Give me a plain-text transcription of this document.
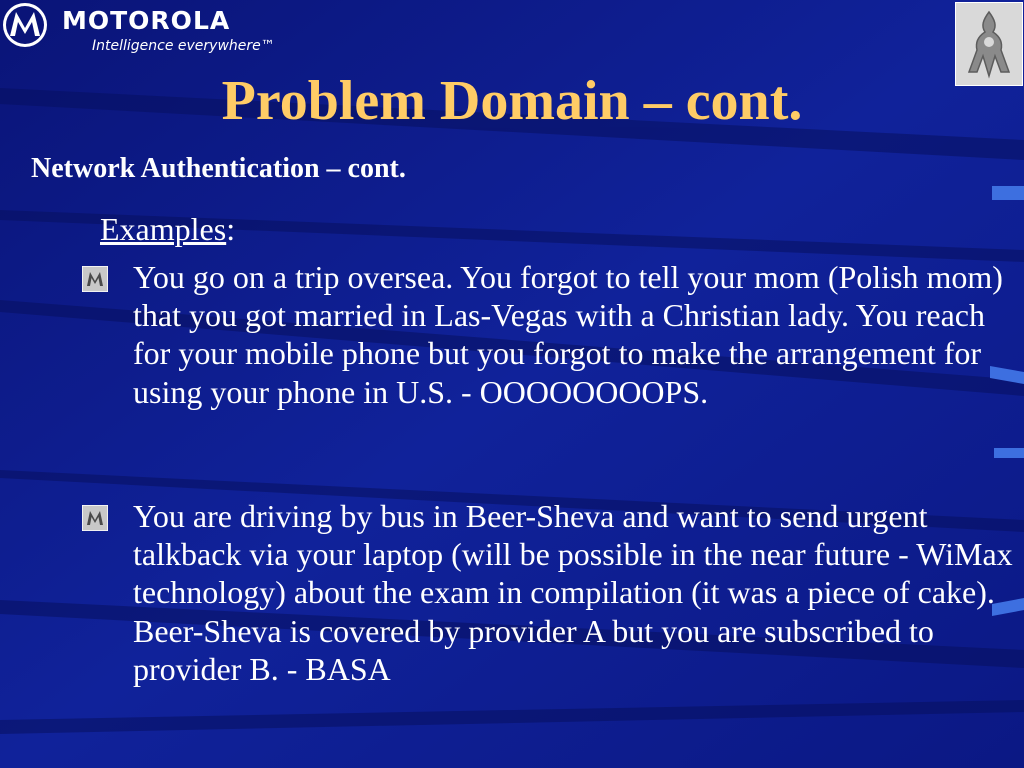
MOTOROLA
Intelligence everywhere™
Problem Domain – cont.
Network Authentication – cont.
Examples:

You go on a trip oversea. You forgot to tell your mom (Polish mom) that you got married in Las-Vegas with a Christian lady. You reach for your mobile phone but you forgot to make the arrangement for using your phone in U.S. - OOOOOOOOPS.

You are driving by bus in Beer-Sheva and want to send urgent talkback via your laptop (will be possible in the near future - WiMax technology) about the exam in compilation (it was a piece of cake). Beer-Sheva is covered by provider A but you are subscribed to provider B. - BASA
